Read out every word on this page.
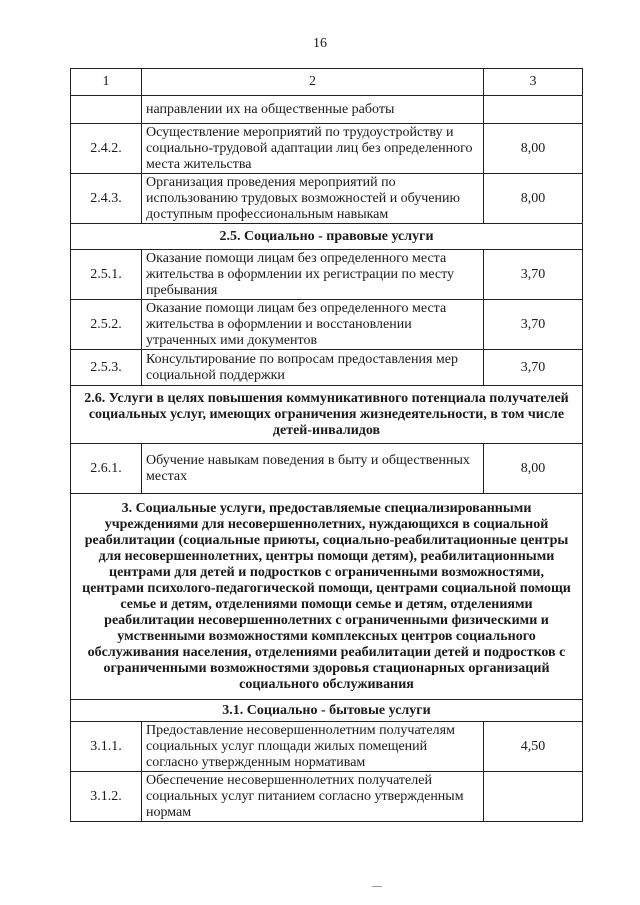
16
1	2	3
	направлении их на общественные работы	
2.4.2.	Осуществление мероприятий по трудоустройству и социально-трудовой адаптации лиц без определенного места жительства	8,00
2.4.3.	Организация проведения мероприятий по использованию трудовых возможностей и обучению доступным профессиональным навыкам	8,00
2.5. Социально - правовые услуги		
2.5.1.	Оказание помощи лицам без определенного места жительства в оформлении их регистрации по месту пребывания	3,70
2.5.2.	Оказание помощи лицам без определенного места жительства в оформлении и восстановлении утраченных ими документов	3,70
2.5.3.	Консультирование по вопросам предоставления мер социальной поддержки	3,70
2.6. Услуги в целях повышения коммуникативного потенциала получателей социальных услуг, имеющих ограничения жизнедеятельности, в том числе детей-инвалидов		
2.6.1.	Обучение навыкам поведения в быту и общественных местах	8,00
3. Социальные услуги, предоставляемые специализированными учреждениями для несовершеннолетних, нуждающихся в социальной реабилитации (социальные приюты, социально-реабилитационные центры для несовершеннолетних, центры помощи детям), реабилитационными центрами для детей и подростков с ограниченными возможностями, центрами психолого-педагогической помощи, центрами социальной помощи семье и детям, отделениями помощи семье и детям, отделениями реабилитации несовершеннолетних с ограниченными физическими и умственными возможностями комплексных центров социального обслуживания населения, отделениями реабилитации детей и подростков с ограниченными возможностями здоровья стационарных организаций социального обслуживания		
3.1. Социально - бытовые услуги		
3.1.1.	Предоставление несовершеннолетним получателям социальных услуг площади жилых помещений согласно утвержденным нормативам	4,50
3.1.2.	Обеспечение несовершеннолетних получателей социальных услуг питанием согласно утвержденным нормам	
